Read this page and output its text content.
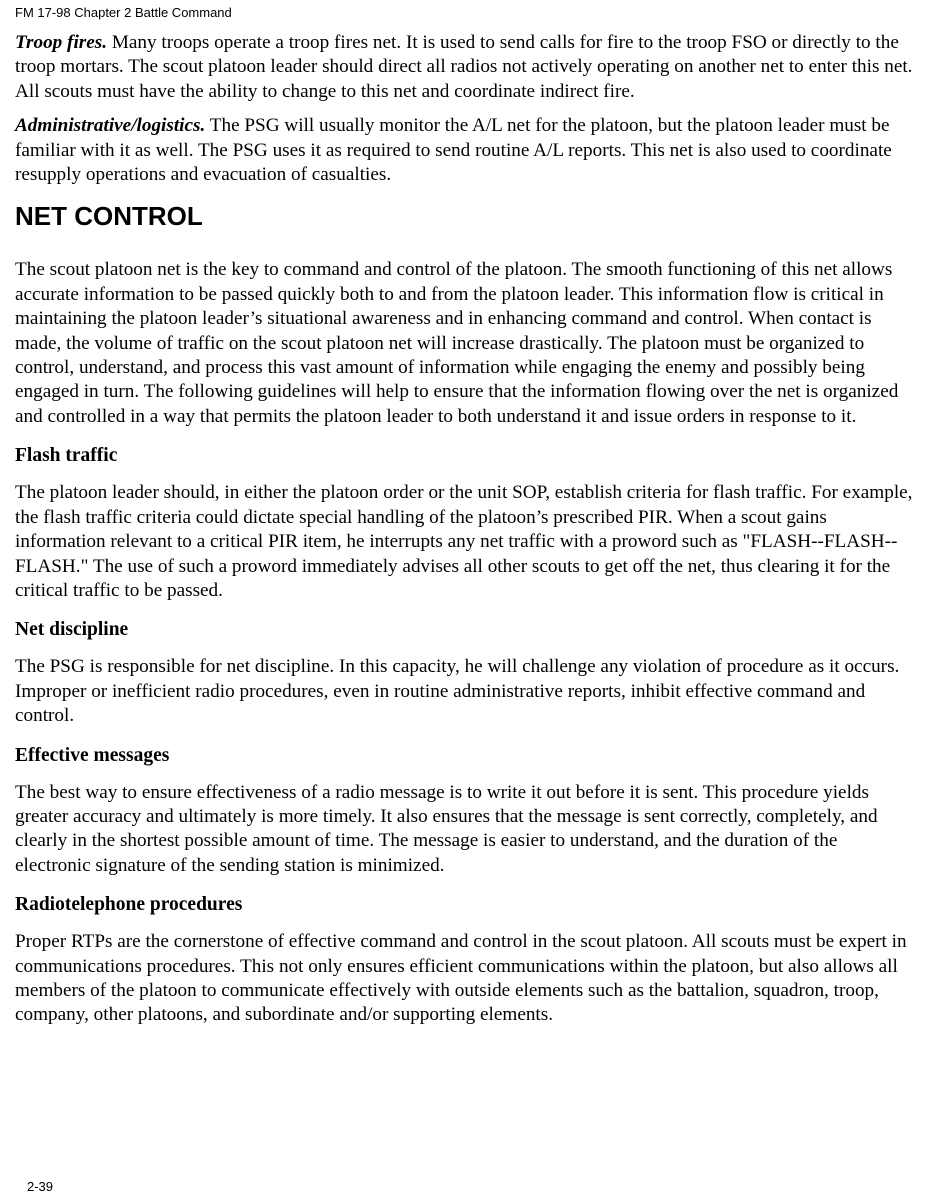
FM 17-98 Chapter 2 Battle Command

Troop fires. Many troops operate a troop fires net. It is used to send calls for fire to the troop FSO or directly to the troop mortars. The scout platoon leader should direct all radios not actively operating on another net to enter this net. All scouts must have the ability to change to this net and coordinate indirect fire.

Administrative/logistics. The PSG will usually monitor the A/L net for the platoon, but the platoon leader must be familiar with it as well. The PSG uses it as required to send routine A/L reports. This net is also used to coordinate resupply operations and evacuation of casualties.

NET CONTROL

The scout platoon net is the key to command and control of the platoon. The smooth functioning of this net allows accurate information to be passed quickly both to and from the platoon leader. This information flow is critical in maintaining the platoon leader’s situational awareness and in enhancing command and control. When contact is made, the volume of traffic on the scout platoon net will increase drastically. The platoon must be organized to control, understand, and process this vast amount of information while engaging the enemy and possibly being engaged in turn. The following guidelines will help to ensure that the information flowing over the net is organized and controlled in a way that permits the platoon leader to both understand it and issue orders in response to it.

Flash traffic

The platoon leader should, in either the platoon order or the unit SOP, establish criteria for flash traffic. For example, the flash traffic criteria could dictate special handling of the platoon’s prescribed PIR. When a scout gains information relevant to a critical PIR item, he interrupts any net traffic with a proword such as "FLASH--FLASH--FLASH." The use of such a proword immediately advises all other scouts to get off the net, thus clearing it for the critical traffic to be passed.

Net discipline

The PSG is responsible for net discipline. In this capacity, he will challenge any violation of procedure as it occurs. Improper or inefficient radio procedures, even in routine administrative reports, inhibit effective command and control.

Effective messages

The best way to ensure effectiveness of a radio message is to write it out before it is sent. This procedure yields greater accuracy and ultimately is more timely. It also ensures that the message is sent correctly, completely, and clearly in the shortest possible amount of time. The message is easier to understand, and the duration of the electronic signature of the sending station is minimized.

Radiotelephone procedures

Proper RTPs are the cornerstone of effective command and control in the scout platoon. All scouts must be expert in communications procedures. This not only ensures efficient communications within the platoon, but also allows all members of the platoon to communicate effectively with outside elements such as the battalion, squadron, troop, company, other platoons, and subordinate and/or supporting elements.

2-39
